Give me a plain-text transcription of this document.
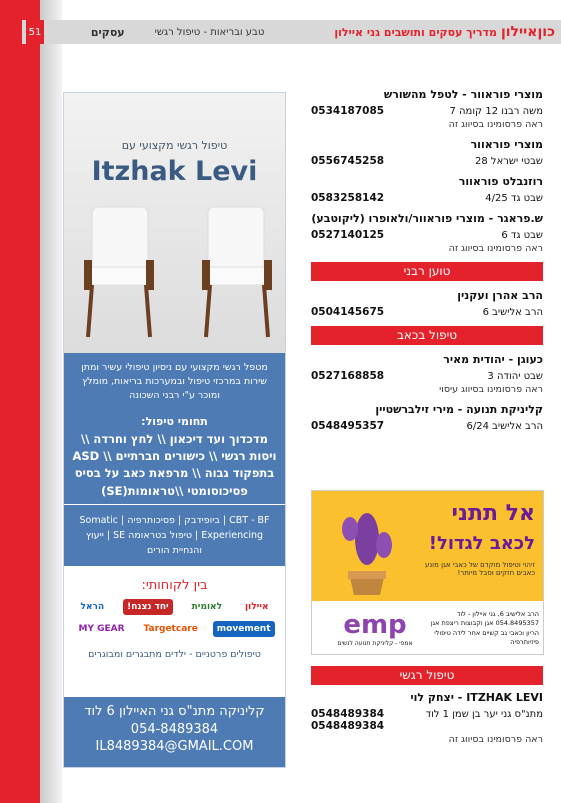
כוןאיילון
מדריך עסקים ותושבים גני איילון
טבע ובריאות - טיפול רגשי
עסקים
51
טיפול רגשי מקצועי עם
Itzhak Levi
מטפל רגשי מקצועי עם ניסיון טיפולי עשיר ומתן שירות במרכזי טיפול ובמערכות בריאות, מומלץ ומוכר ע"י רבני השכונה
תחומי טיפול:
מדכדוך ועד דיכאון \\ לחץ וחרדה \\ ויסות רגשי \\ כישורים חברתיים \\ ASD בתפקוד גבוה \\ מרפאת כאב על בסיס פסיכוסומטי \\טראומות(SE)
CBT - BF | ביופידבק | פסיכותרפיה | Somatic Experiencing | טיפול בטראומה SE | ייעוץ והנחיית הורים
בין לקוחותי:
איילון
לאומית
יחד נצנח!
הראל
movement
Targetcare
MY GEAR
טיפולים פרטניים - ילדים מתבגרים ומבוגרים
קליניקה מתנ"ס גני האיילון 6 לוד
054-8489384
IL8489384@GMAIL.COM
מוצרי פוראוור - לטפל מהשורש
משה רבנו 12 קומה 7
0534187085
ראה פרסומינו בסיווג זה
מוצרי פוראוור
שבטי ישראל 28
0556745258
רוזנבלט פוראוור
שבט גד 4/25
0583258142
ש.פראגר - מוצרי פוראוור/ולאופרו (ליקוטבע)
שבט גד 6
0527140125
ראה פרסומינו בסיווג זה
טוען רבני
הרב אהרן ועקנין
הרב אלישיב 6
0504145675
טיפול בכאב
כעוגן - יהודית מאיר
שבט יהודה 3
0527168858
ראה פרסומינו בסיווג עיסוי
קליניקת תנועה - מירי זילברשטיין
הרב אלישיב 6/24
0548495357
אל תתני
לכאב לגדול!
זיהוי וטיפול מוקדם של כאבי אגן מונע כאבים חזקים וסבל מיותר!
הרב אלישיב 6, גני איילון - לוד 054.8495357 אגן וקבוצות ריצפת אגן הריון וכאבי גב קשיים אחר לידה טיפולי פיזיותרפיה
emp
אמפי - קליניקת תנועה לנשים
טיפול רגשי
ITZHAK LEVI - יצחק לוי
מתנ"ס גני יער בן שמן 1 לוד
0548489384
0548489384
ראה פרסומינו בסיווג זה
